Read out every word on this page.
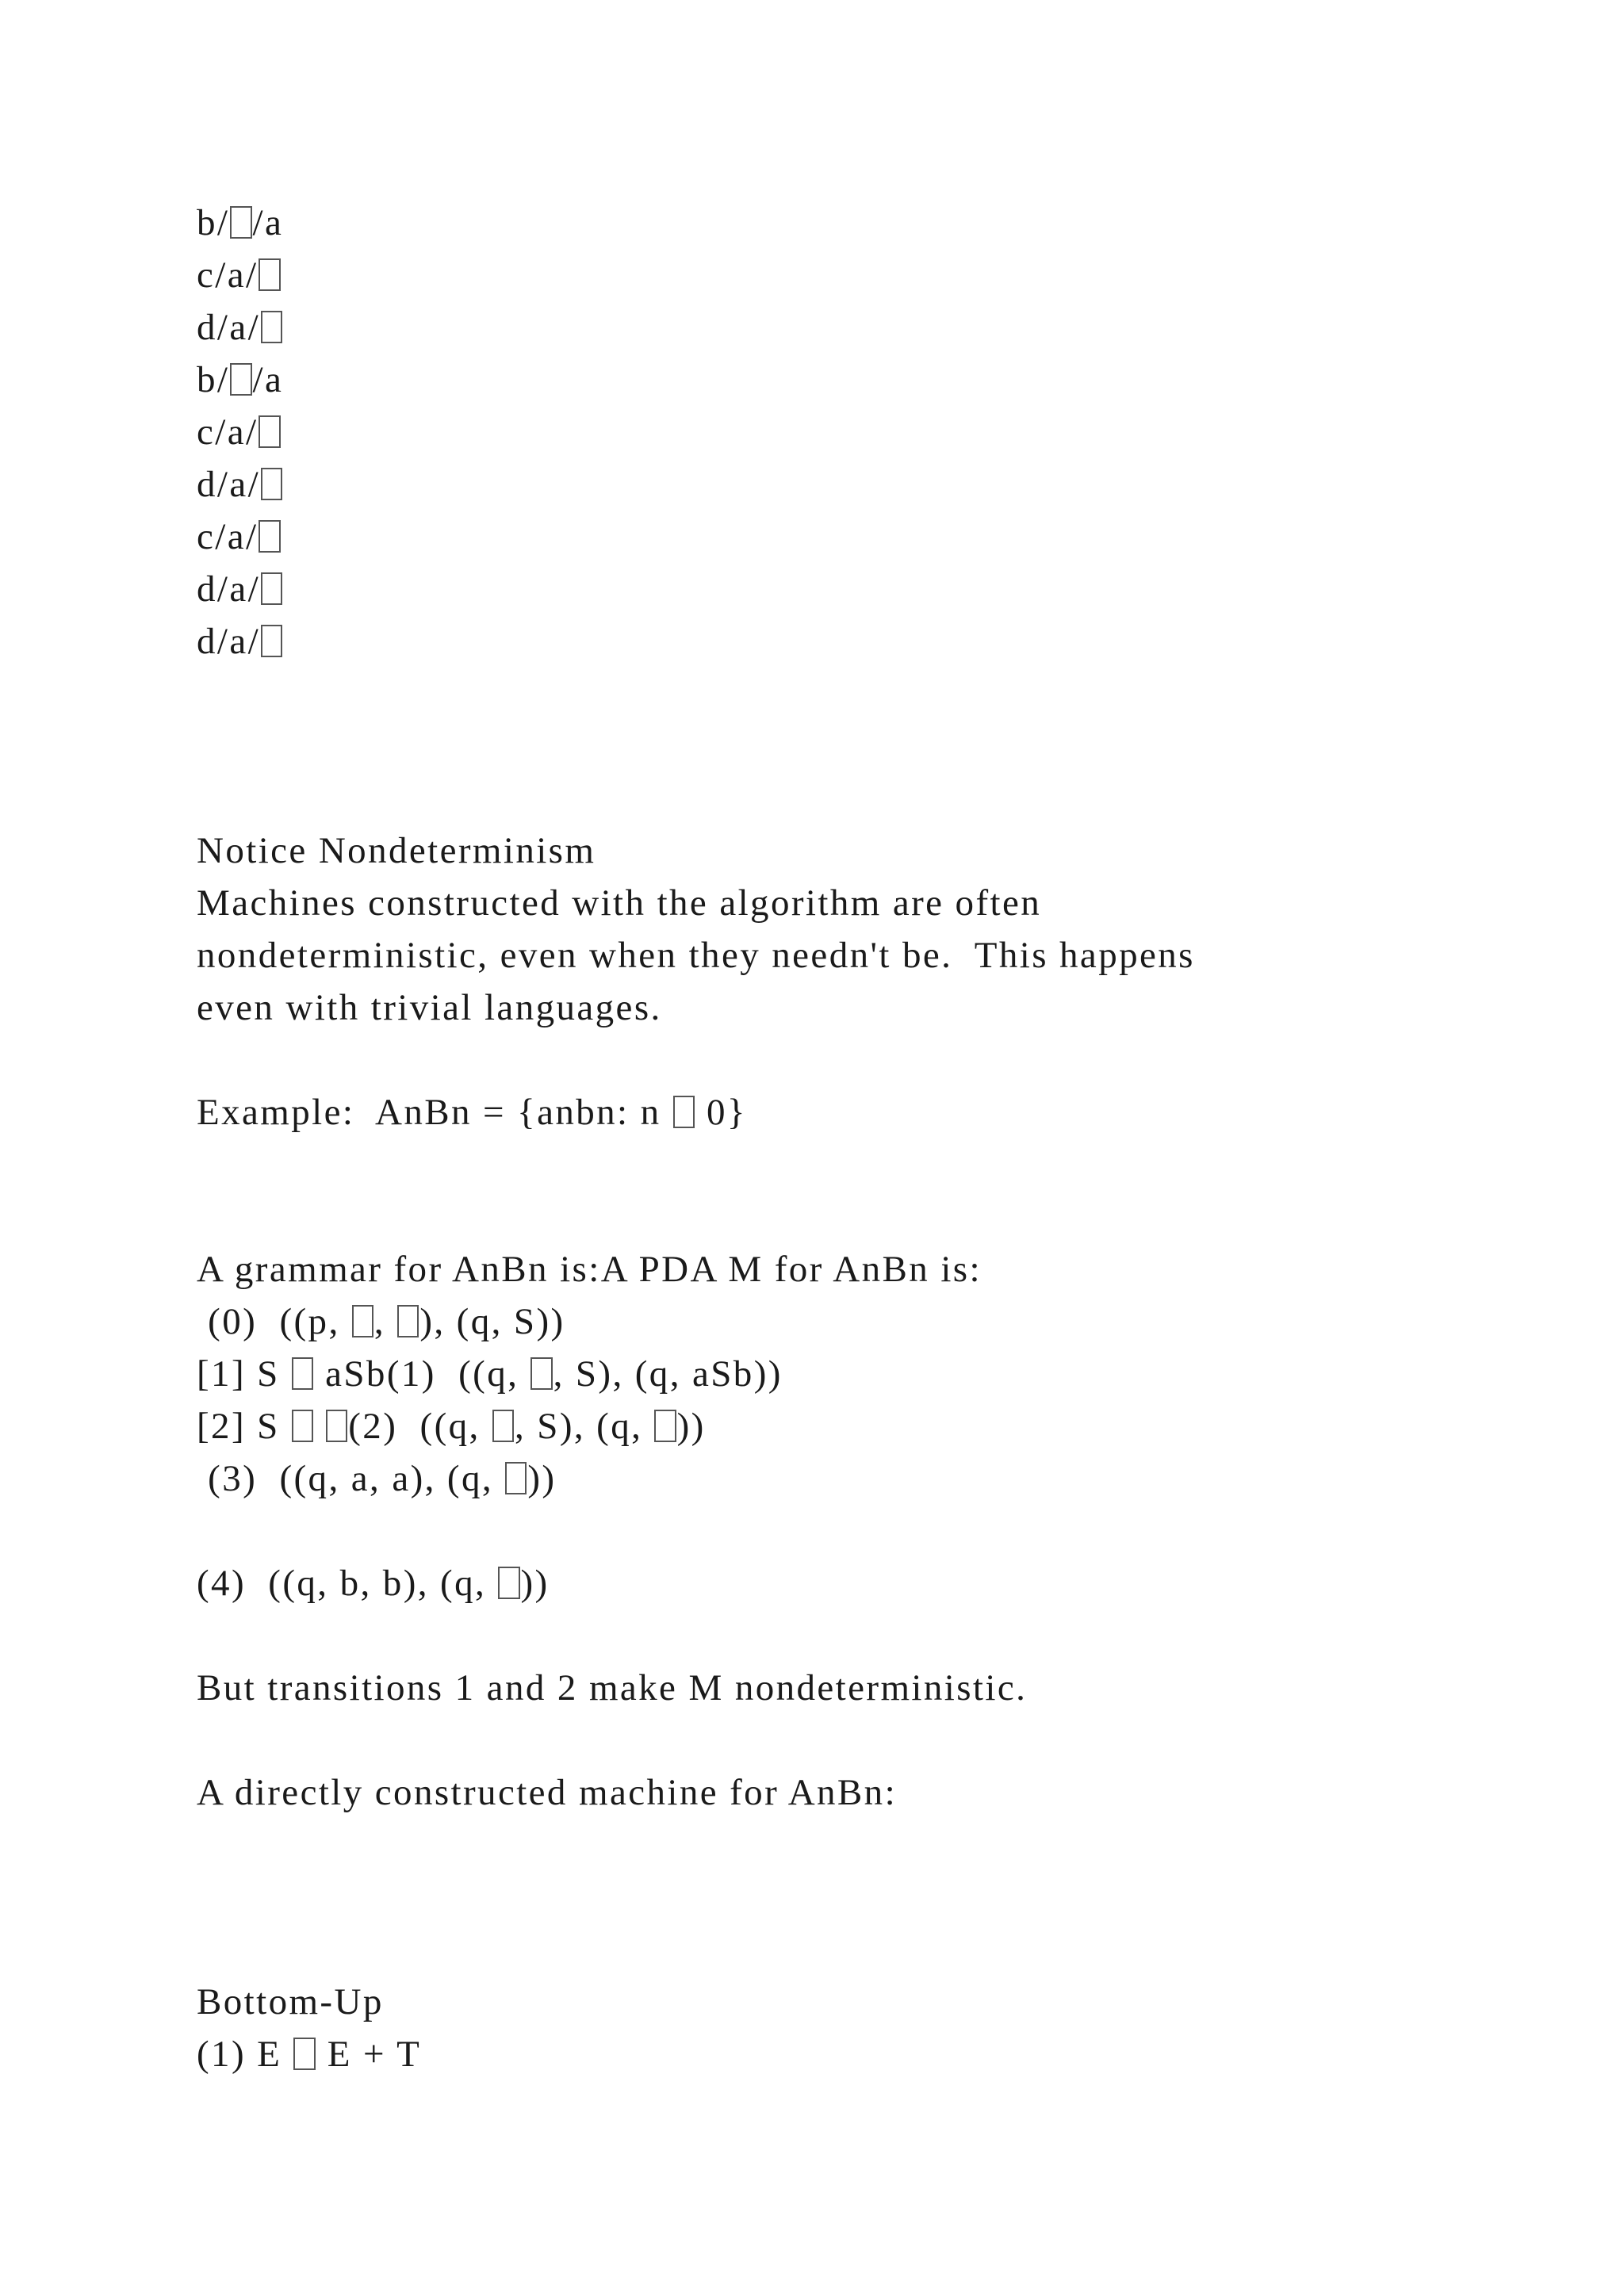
b/ /a

c/a/

d/a/

b/ /a

c/a/

d/a/

c/a/

d/a/

d/a/

Notice Nondeterminism

Machines constructed with the algorithm are often

nondeterministic, even when they needn't be.  This happens

even with trivial languages.

Example:  AnBn = {anbn: n  0}

A grammar for AnBn is:A PDA M for AnBn is:

(0)  ((p, , ), (q, S))

[1] S  aSb(1)  ((q, , S), (q, aSb))

[2] S  (2)  ((q, , S), (q, ))

(3)  ((q, a, a), (q, ))

(4)  ((q, b, b), (q, ))

But transitions 1 and 2 make M nondeterministic.

A directly constructed machine for AnBn:

Bottom-Up

(1) E  E + T
